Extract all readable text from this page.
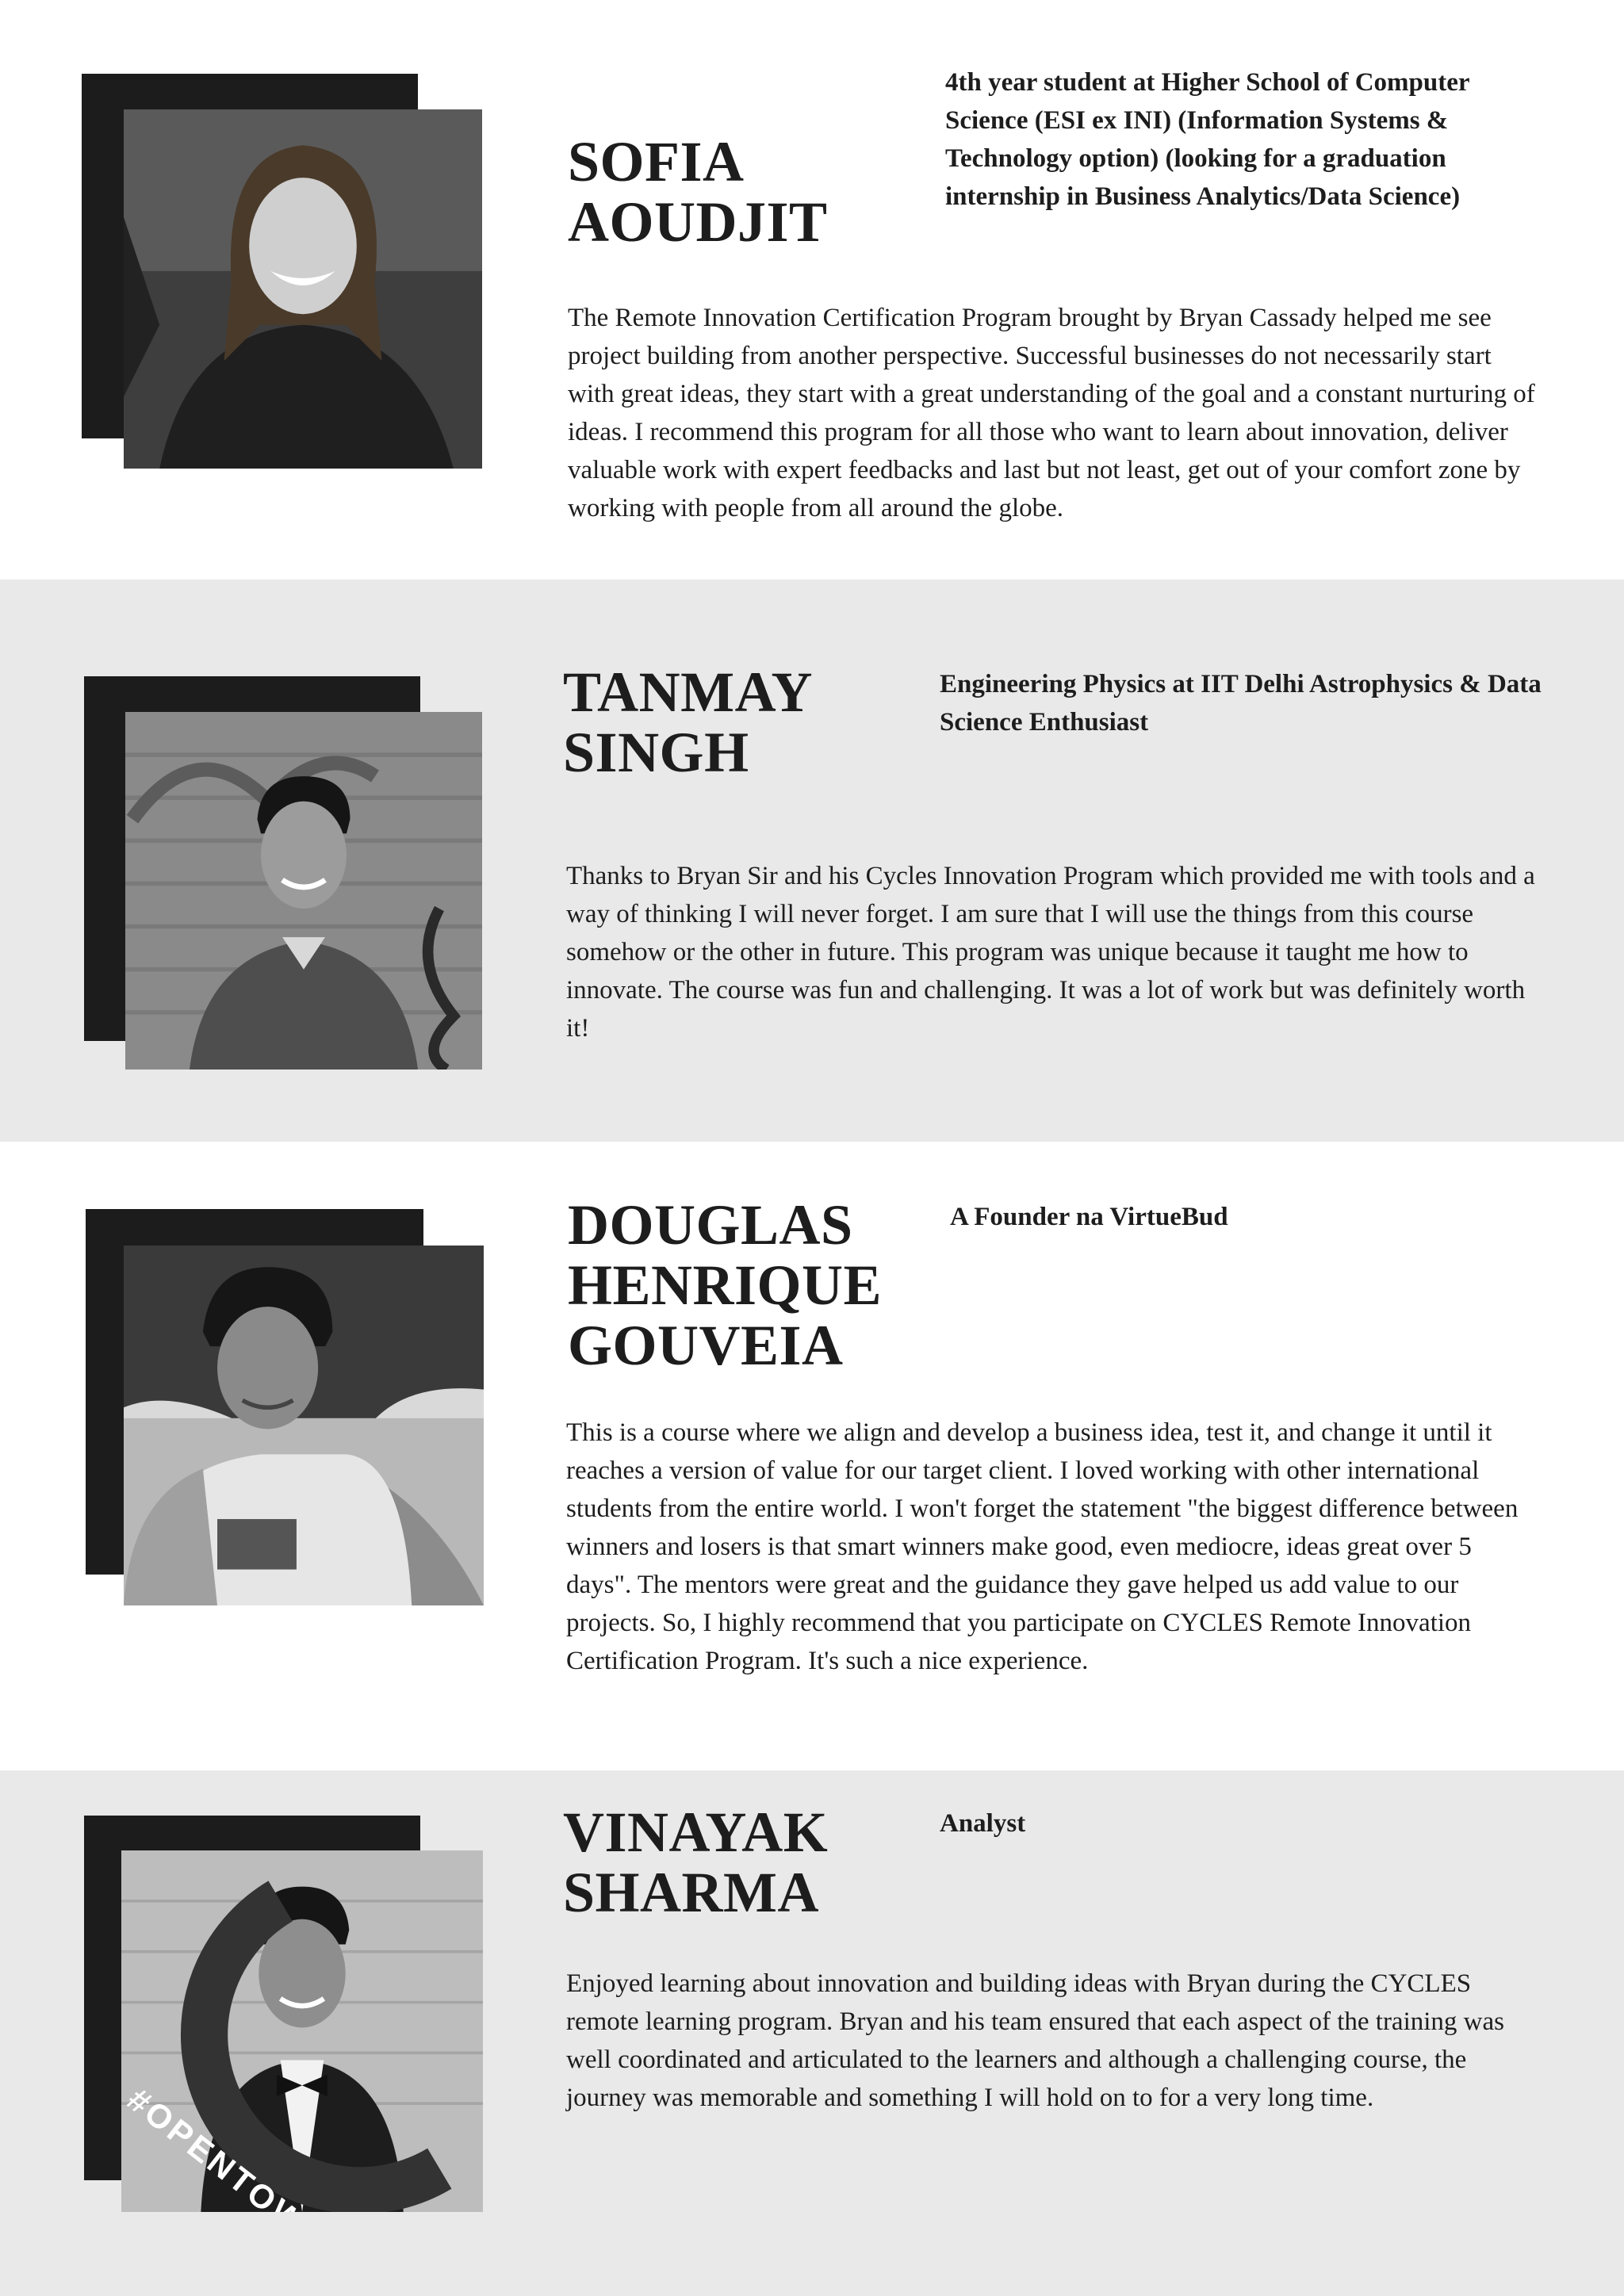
SOFIA
AOUDJIT

4th year student at Higher School of Computer Science (ESI ex INI) (Information Systems & Technology option) (looking for a graduation internship in Business Analytics/Data Science)

The Remote Innovation Certification Program brought by Bryan Cassady helped me see project building from another perspective. Successful businesses do not necessarily start with great ideas, they start with a great understanding of the goal and a constant nurturing of ideas. I recommend this program for all those who want to learn about innovation, deliver valuable work with expert feedbacks and last but not least, get out of your comfort zone by working with people from all around the globe.

TANMAY
SINGH

Engineering Physics at IIT Delhi Astrophysics & Data Science Enthusiast

Thanks to Bryan Sir and his Cycles Innovation Program which provided me with tools and a way of thinking I will never forget. I am sure that I will use the things from this course somehow or the other in future. This program was unique because it taught me how to innovate. The course was fun and challenging. It was a lot of work but was definitely worth it!

DOUGLAS
HENRIQUE
GOUVEIA

A Founder na VirtueBud

This is a course where we align and develop a business idea, test it, and change it until it reaches a version of value for our target client. I loved working with other international students from the entire world. I won't forget the statement "the biggest difference between winners and losers is that smart winners make good, even mediocre, ideas great over 5 days". The mentors were great and the guidance they gave helped us add value to our projects. So, I highly recommend that you participate on CYCLES Remote Innovation Certification Program. It's such a nice experience.

VINAYAK
SHARMA

Analyst

Enjoyed learning about innovation and building ideas with Bryan during the CYCLES remote learning program. Bryan and his team ensured that each aspect of the training was well coordinated and articulated to the learners and although a challenging course, the journey was memorable and something I will hold on to for a very long time.
